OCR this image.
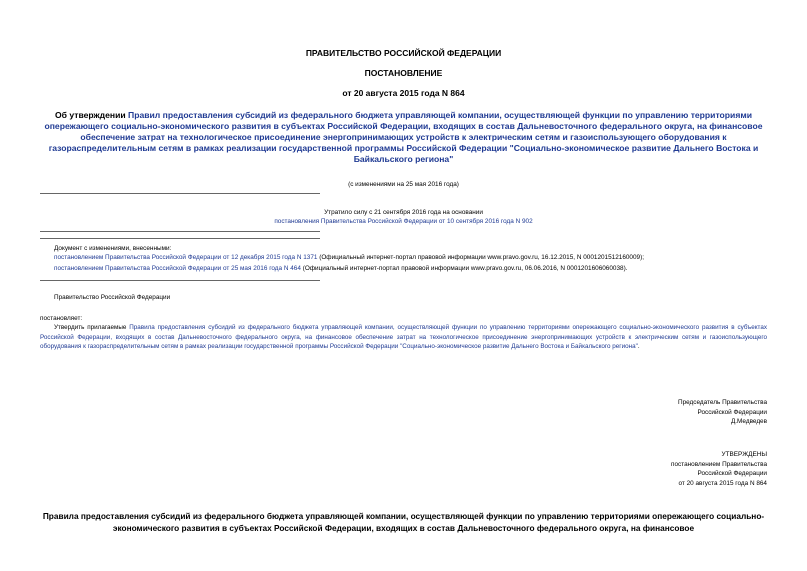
ПРАВИТЕЛЬСТВО РОССИЙСКОЙ ФЕДЕРАЦИИ
ПОСТАНОВЛЕНИЕ
от 20 августа 2015 года N 864
Об утверждении Правил предоставления субсидий из федерального бюджета управляющей компании, осуществляющей функции по управлению территориями опережающего социально-экономического развития в субъектах Российской Федерации, входящих в состав Дальневосточного федерального округа, на финансовое обеспечение затрат на технологическое присоединение энергопринимающих устройств к электрическим сетям и газоиспользующего оборудования к газораспределительным сетям в рамках реализации государственной программы Российской Федерации "Социально-экономическое развитие Дальнего Востока и Байкальского региона"
(с изменениями на 25 мая 2016 года)
Утратило силу с 21 сентября 2016 года на основании
постановления Правительства Российской Федерации от 10 сентября 2016 года N 902
Документ с изменениями, внесенными:
постановлением Правительства Российской Федерации от 12 декабря 2015 года N 1371 (Официальный интернет-портал правовой информации www.pravo.gov.ru, 16.12.2015, N 0001201512160009);
постановлением Правительства Российской Федерации от 25 мая 2016 года N 464 (Официальный интернет-портал правовой информации www.pravo.gov.ru, 06.06.2016, N 0001201606060038).
Правительство Российской Федерации
постановляет:
Утвердить прилагаемые Правила предоставления субсидий из федерального бюджета управляющей компании, осуществляющей функции по управлению территориями опережающего социально-экономического развития в субъектах Российской Федерации, входящих в состав Дальневосточного федерального округа, на финансовое обеспечение затрат на технологическое присоединение энергопринимающих устройств к электрическим сетям и газоиспользующего оборудования к газораспределительным сетям в рамках реализации государственной программы Российской Федерации "Социально-экономическое развитие Дальнего Востока и Байкальского региона".
Председатель Правительства
Российской Федерации
Д.Медведев
УТВЕРЖДЕНЫ
постановлением Правительства
Российской Федерации
от 20 августа 2015 года N 864
Правила предоставления субсидий из федерального бюджета управляющей компании, осуществляющей функции по управлению территориями опережающего социально-экономического развития в субъектах Российской Федерации, входящих в состав Дальневосточного федерального округа, на финансовое
